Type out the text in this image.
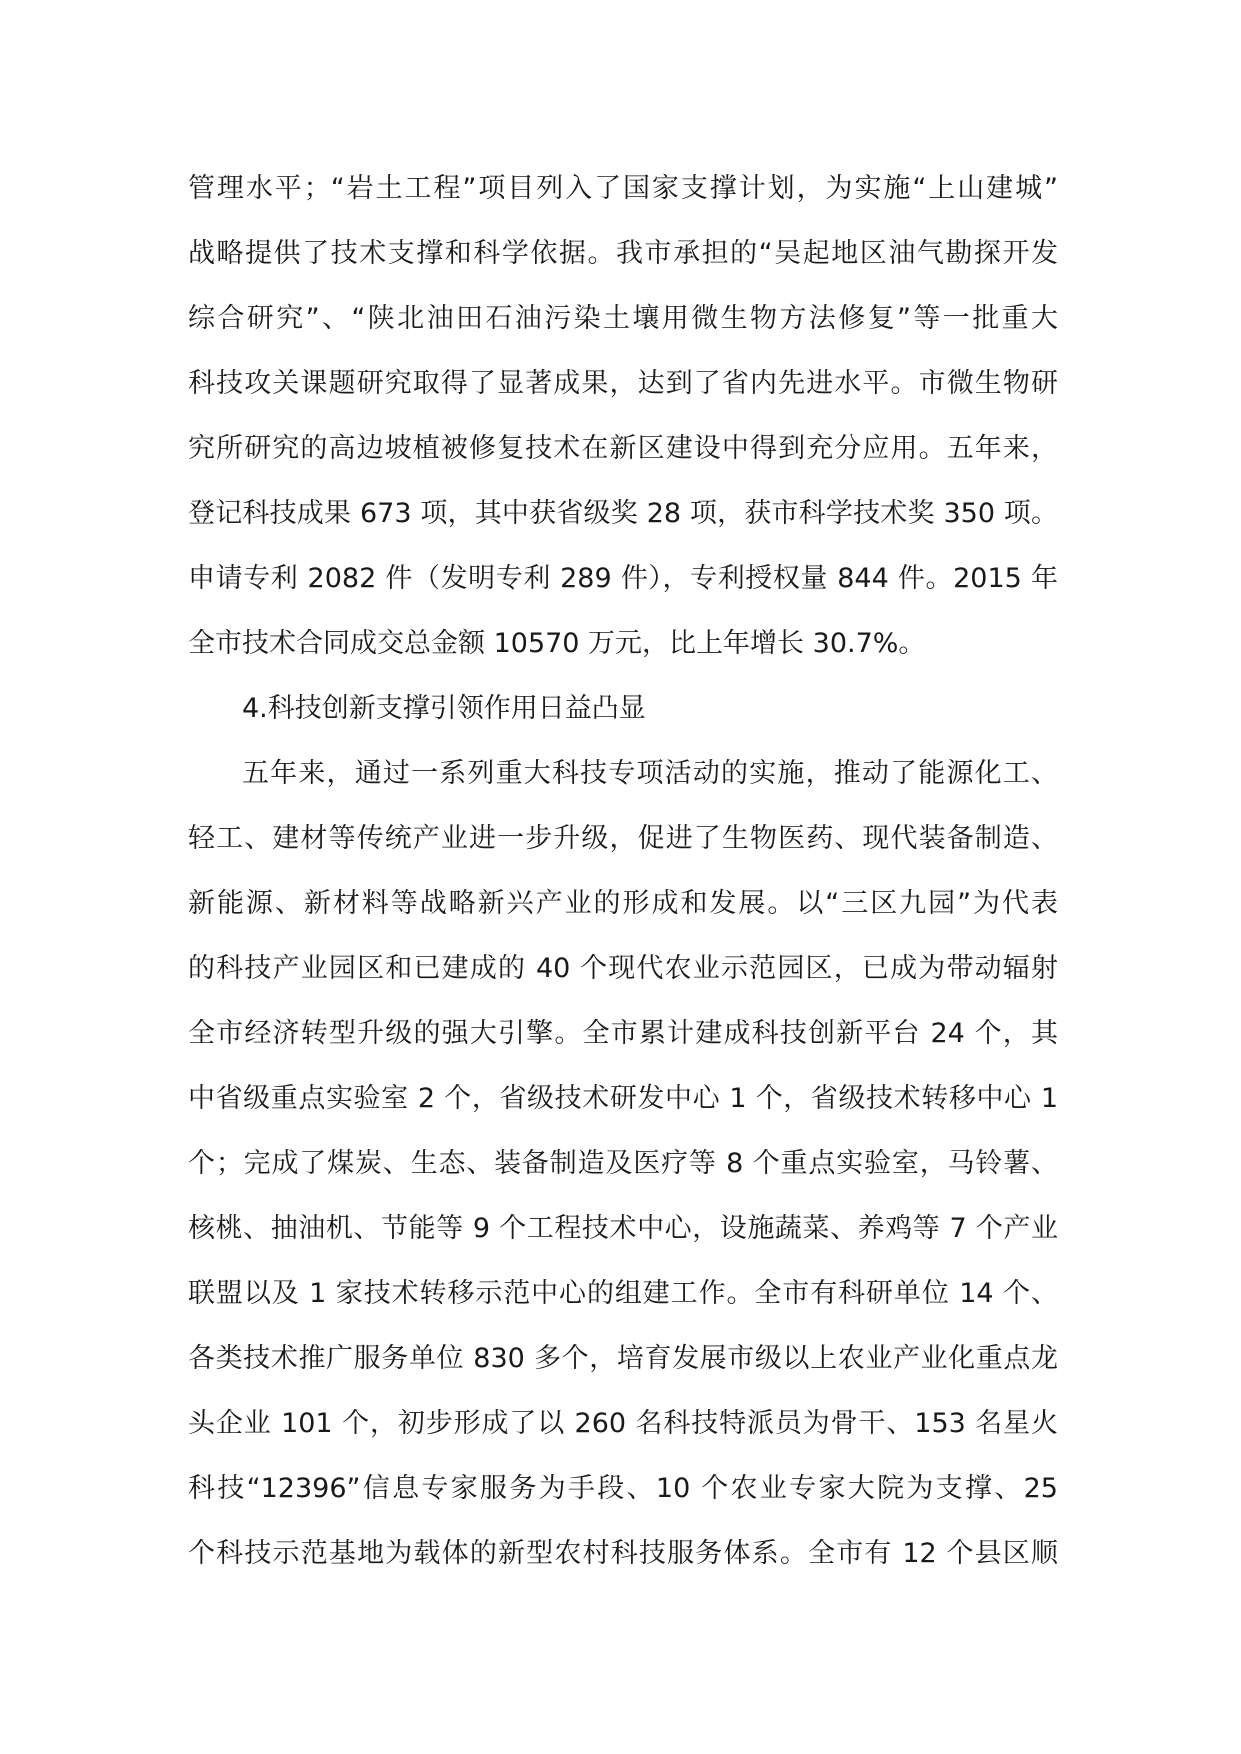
管理水平；“岩土工程”项目列入了国家支撑计划，为实施“上山建城”
战略提供了技术支撑和科学依据。我市承担的“吴起地区油气勘探开发
综合研究”、“陕北油田石油污染土壤用微生物方法修复”等一批重大
科技攻关课题研究取得了显著成果，达到了省内先进水平。市微生物研
究所研究的高边坡植被修复技术在新区建设中得到充分应用。五年来，
登记科技成果 673 项，其中获省级奖 28 项，获市科学技术奖 350 项。
申请专利 2082 件（发明专利 289 件），专利授权量 844 件。2015 年
全市技术合同成交总金额 10570 万元，比上年增长 30.7%。
4.科技创新支撑引领作用日益凸显
五年来，通过一系列重大科技专项活动的实施，推动了能源化工、
轻工、建材等传统产业进一步升级，促进了生物医药、现代装备制造、
新能源、新材料等战略新兴产业的形成和发展。以“三区九园”为代表
的科技产业园区和已建成的 40 个现代农业示范园区，已成为带动辐射
全市经济转型升级的强大引擎。全市累计建成科技创新平台 24 个，其
中省级重点实验室 2 个，省级技术研发中心 1 个，省级技术转移中心 1
个；完成了煤炭、生态、装备制造及医疗等 8 个重点实验室，马铃薯、
核桃、抽油机、节能等 9 个工程技术中心，设施蔬菜、养鸡等 7 个产业
联盟以及 1 家技术转移示范中心的组建工作。全市有科研单位 14 个、
各类技术推广服务单位 830 多个，培育发展市级以上农业产业化重点龙
头企业 101 个，初步形成了以 260 名科技特派员为骨干、153 名星火
科技“12396”信息专家服务为手段、10 个农业专家大院为支撑、25
个科技示范基地为载体的新型农村科技服务体系。全市有 12 个县区顺
